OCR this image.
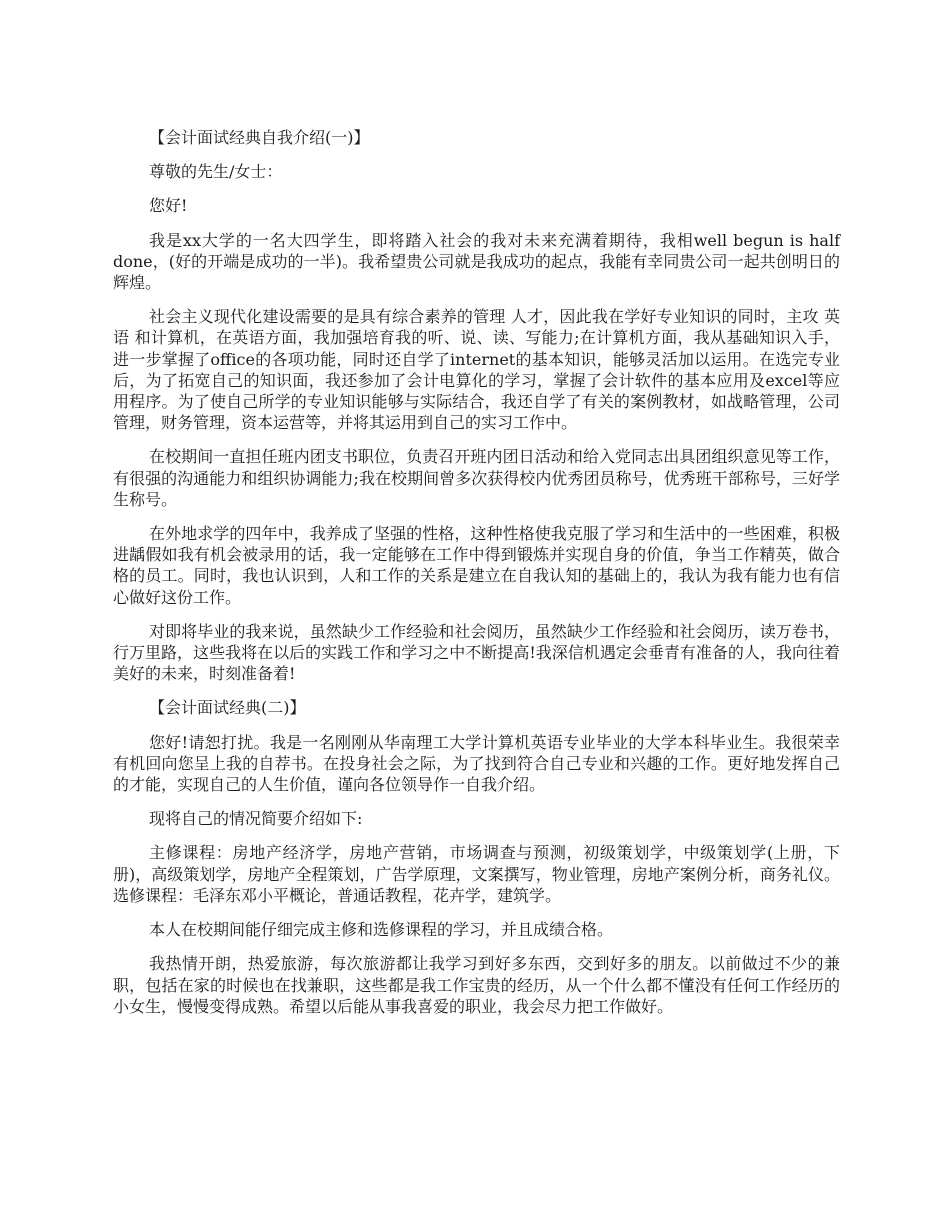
【会计面试经典自我介绍(一)】

尊敬的先生/女士：

您好!

我是xx大学的一名大四学生，即将踏入社会的我对未来充满着期待，我相well begun is half done，(好的开端是成功的一半)。我希望贵公司就是我成功的起点，我能有幸同贵公司一起共创明日的辉煌。

社会主义现代化建设需要的是具有综合素养的管理 人才，因此我在学好专业知识的同时，主攻 英语 和计算机，在英语方面，我加强培育我的听、说、读、写能力;在计算机方面，我从基础知识入手，进一步掌握了office的各项功能，同时还自学了internet的基本知识，能够灵活加以运用。在选完专业后，为了拓宽自己的知识面，我还参加了会计电算化的学习，掌握了会计软件的基本应用及excel等应用程序。为了使自己所学的专业知识能够与实际结合，我还自学了有关的案例教材，如战略管理，公司管理，财务管理，资本运营等，并将其运用到自己的实习工作中。

在校期间一直担任班内团支书职位，负责召开班内团日活动和给入党同志出具团组织意见等工作，有很强的沟通能力和组织协调能力;我在校期间曾多次获得校内优秀团员称号，优秀班干部称号，三好学生称号。

在外地求学的四年中，我养成了坚强的性格，这种性格使我克服了学习和生活中的一些困难，积极进龋假如我有机会被录用的话，我一定能够在工作中得到锻炼并实现自身的价值，争当工作精英，做合格的员工。同时，我也认识到，人和工作的关系是建立在自我认知的基础上的，我认为我有能力也有信心做好这份工作。

对即将毕业的我来说，虽然缺少工作经验和社会阅历，虽然缺少工作经验和社会阅历，读万卷书，行万里路，这些我将在以后的实践工作和学习之中不断提高!我深信机遇定会垂青有准备的人，我向往着美好的未来，时刻准备着!

【会计面试经典(二)】

您好!请恕打扰。我是一名刚刚从华南理工大学计算机英语专业毕业的大学本科毕业生。我很荣幸有机回向您呈上我的自荐书。在投身社会之际，为了找到符合自己专业和兴趣的工作。更好地发挥自己的才能，实现自己的人生价值，谨向各位领导作一自我介绍。

现将自己的情况简要介绍如下:

主修课程：房地产经济学，房地产营销，市场调查与预测，初级策划学，中级策划学(上册，下册)，高级策划学，房地产全程策划，广告学原理，文案撰写，物业管理，房地产案例分析，商务礼仪。选修课程：毛泽东邓小平概论，普通话教程，花卉学，建筑学。

本人在校期间能仔细完成主修和选修课程的学习，并且成绩合格。

我热情开朗，热爱旅游，每次旅游都让我学习到好多东西，交到好多的朋友。以前做过不少的兼职，包括在家的时候也在找兼职，这些都是我工作宝贵的经历，从一个什么都不懂没有任何工作经历的小女生，慢慢变得成熟。希望以后能从事我喜爱的职业，我会尽力把工作做好。
